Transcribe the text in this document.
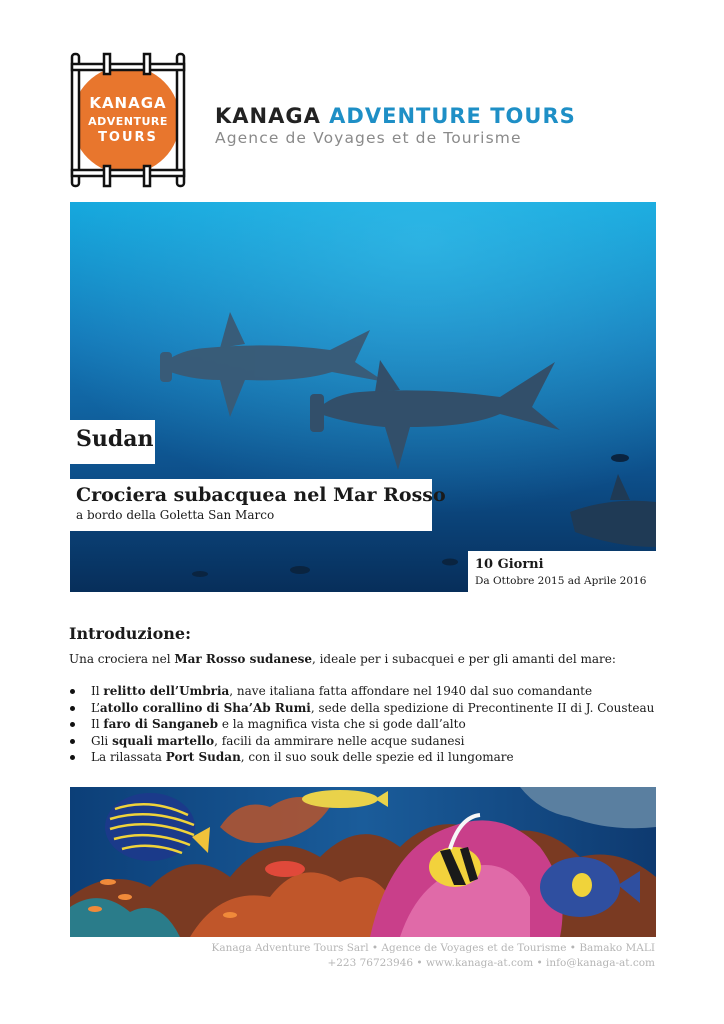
KANAGA
ADVENTURE
TOURS
KANAGA ADVENTURE TOURS
Agence de Voyages et de Tourisme
Sudan
Crociera subacquea nel Mar Rosso
a bordo della Goletta San Marco
10 Giorni
Da Ottobre 2015 ad Aprile 2016
Introduzione:
Una crociera nel Mar Rosso sudanese, ideale per i subacquei e per gli amanti del mare:
Il relitto dell’Umbria, nave italiana fatta affondare nel 1940 dal suo comandante
L’atollo corallino di Sha’Ab Rumi, sede della spedizione di Precontinente II di J. Cousteau
Il faro di Sanganeb e la magnifica vista che si gode dall’alto
Gli squali martello, facili da ammirare nelle acque sudanesi
La rilassata Port Sudan, con il suo souk delle spezie ed il lungomare
Kanaga Adventure Tours Sarl • Agence de Voyages et de Tourisme • Bamako MALI
+223 76723946 • www.kanaga-at.com • info@kanaga-at.com
